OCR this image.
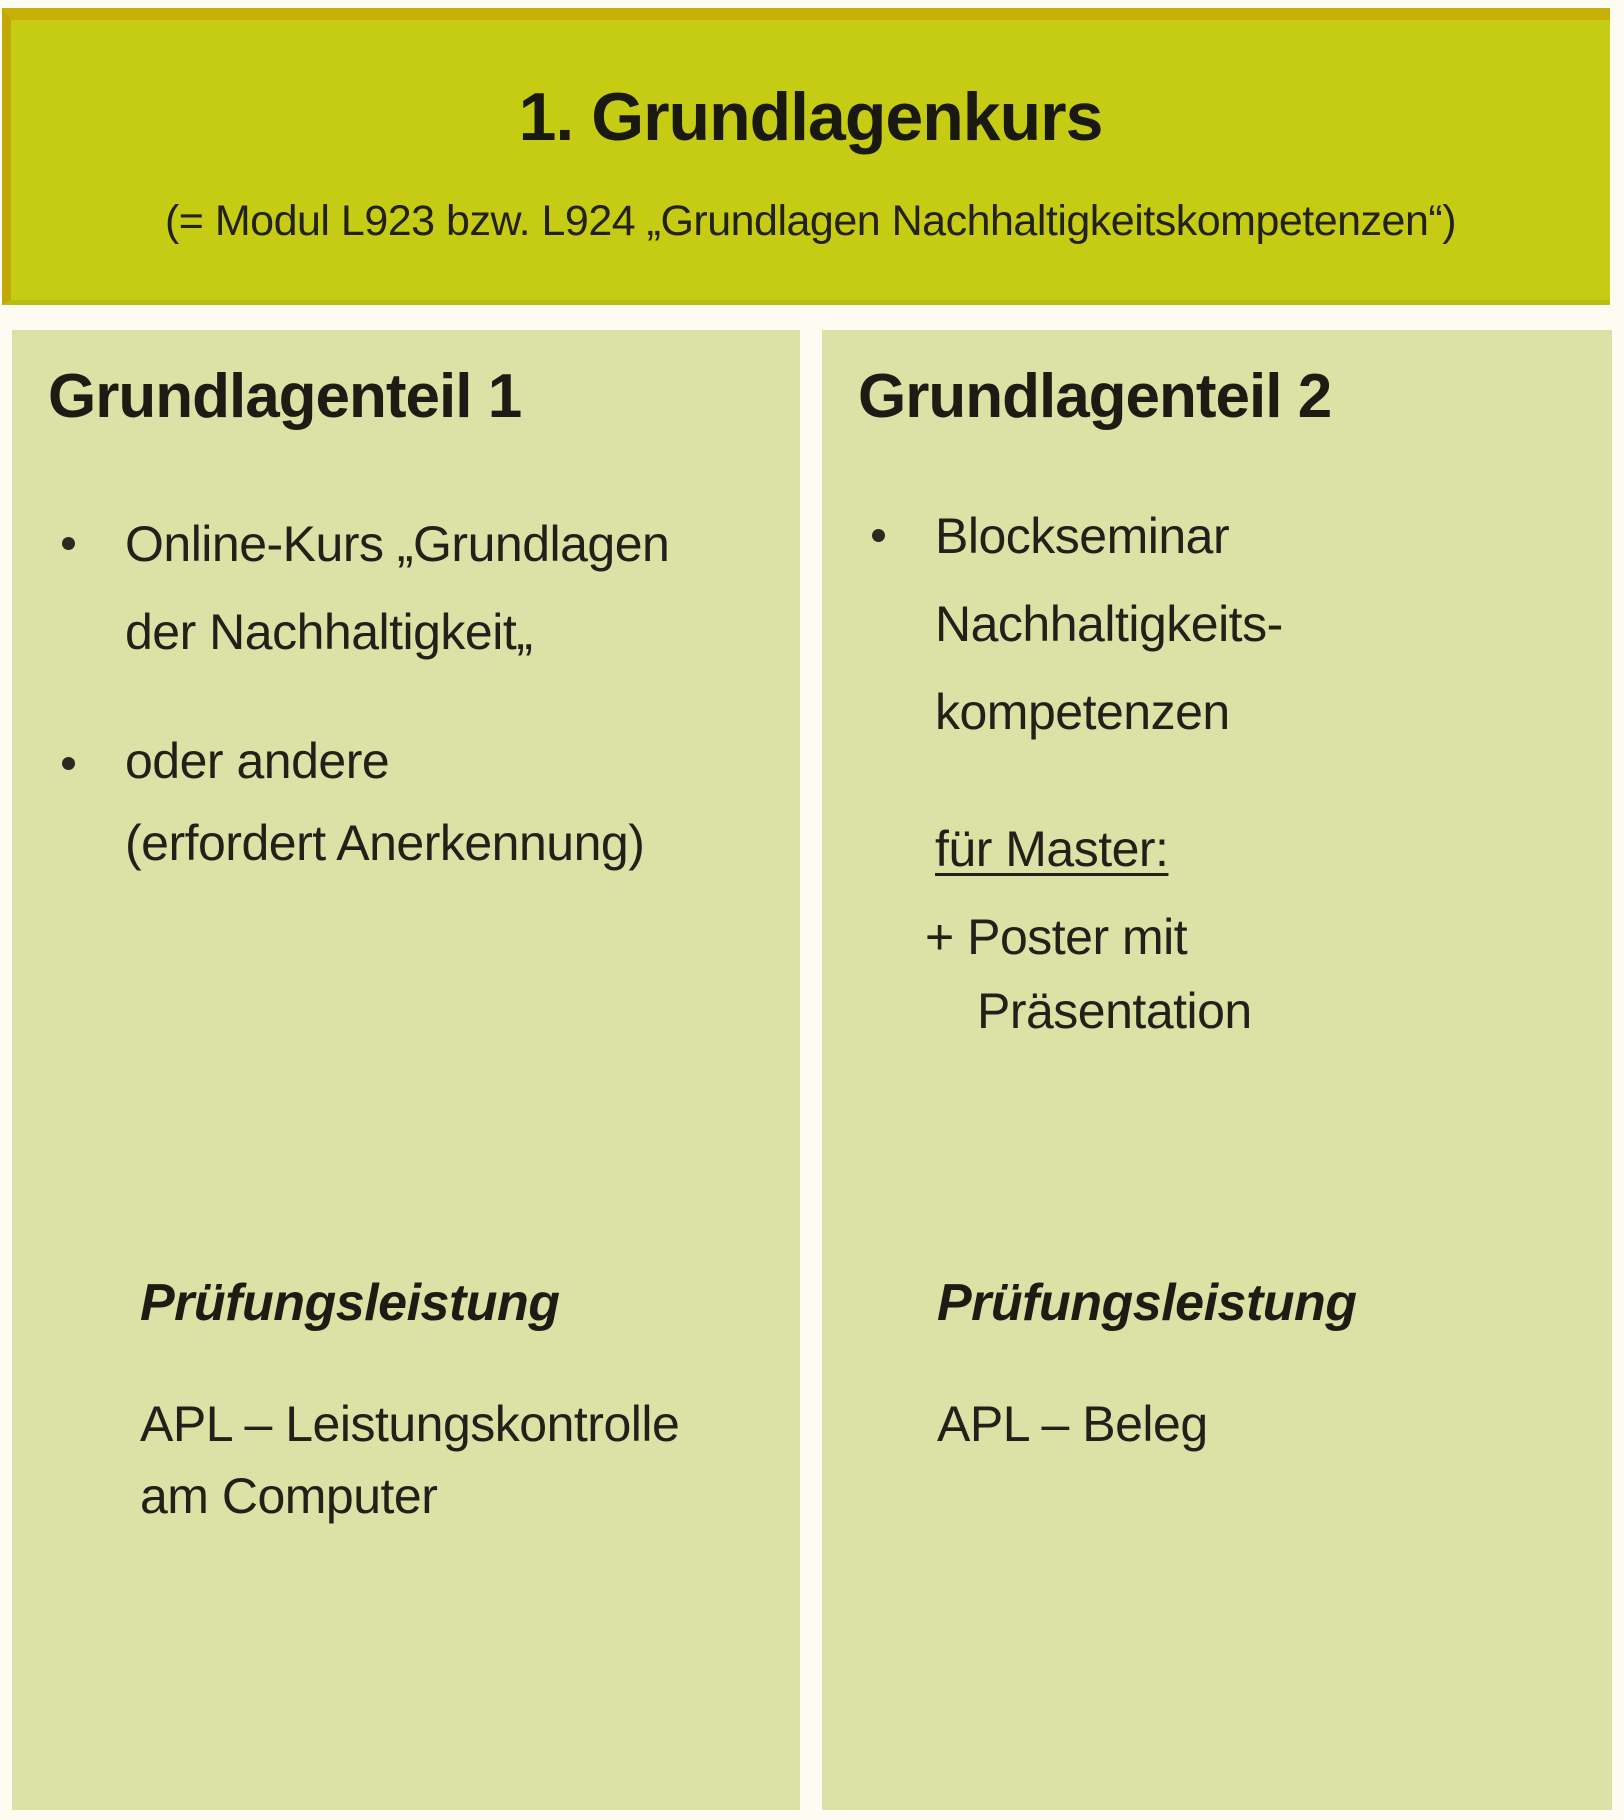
1. Grundlagenkurs
(= Modul L923 bzw. L924 „Grundlagen Nachhaltigkeitskompetenzen“)
Grundlagenteil 1
Online-Kurs „Grundlagen
der Nachhaltigkeit„
oder andere
(erfordert Anerkennung)
Prüfungsleistung
APL – Leistungskontrolle
am Computer
Grundlagenteil 2
Blockseminar
Nachhaltigkeits-
kompetenzen
für Master:
+ Poster mit
Präsentation
Prüfungsleistung
APL – Beleg
